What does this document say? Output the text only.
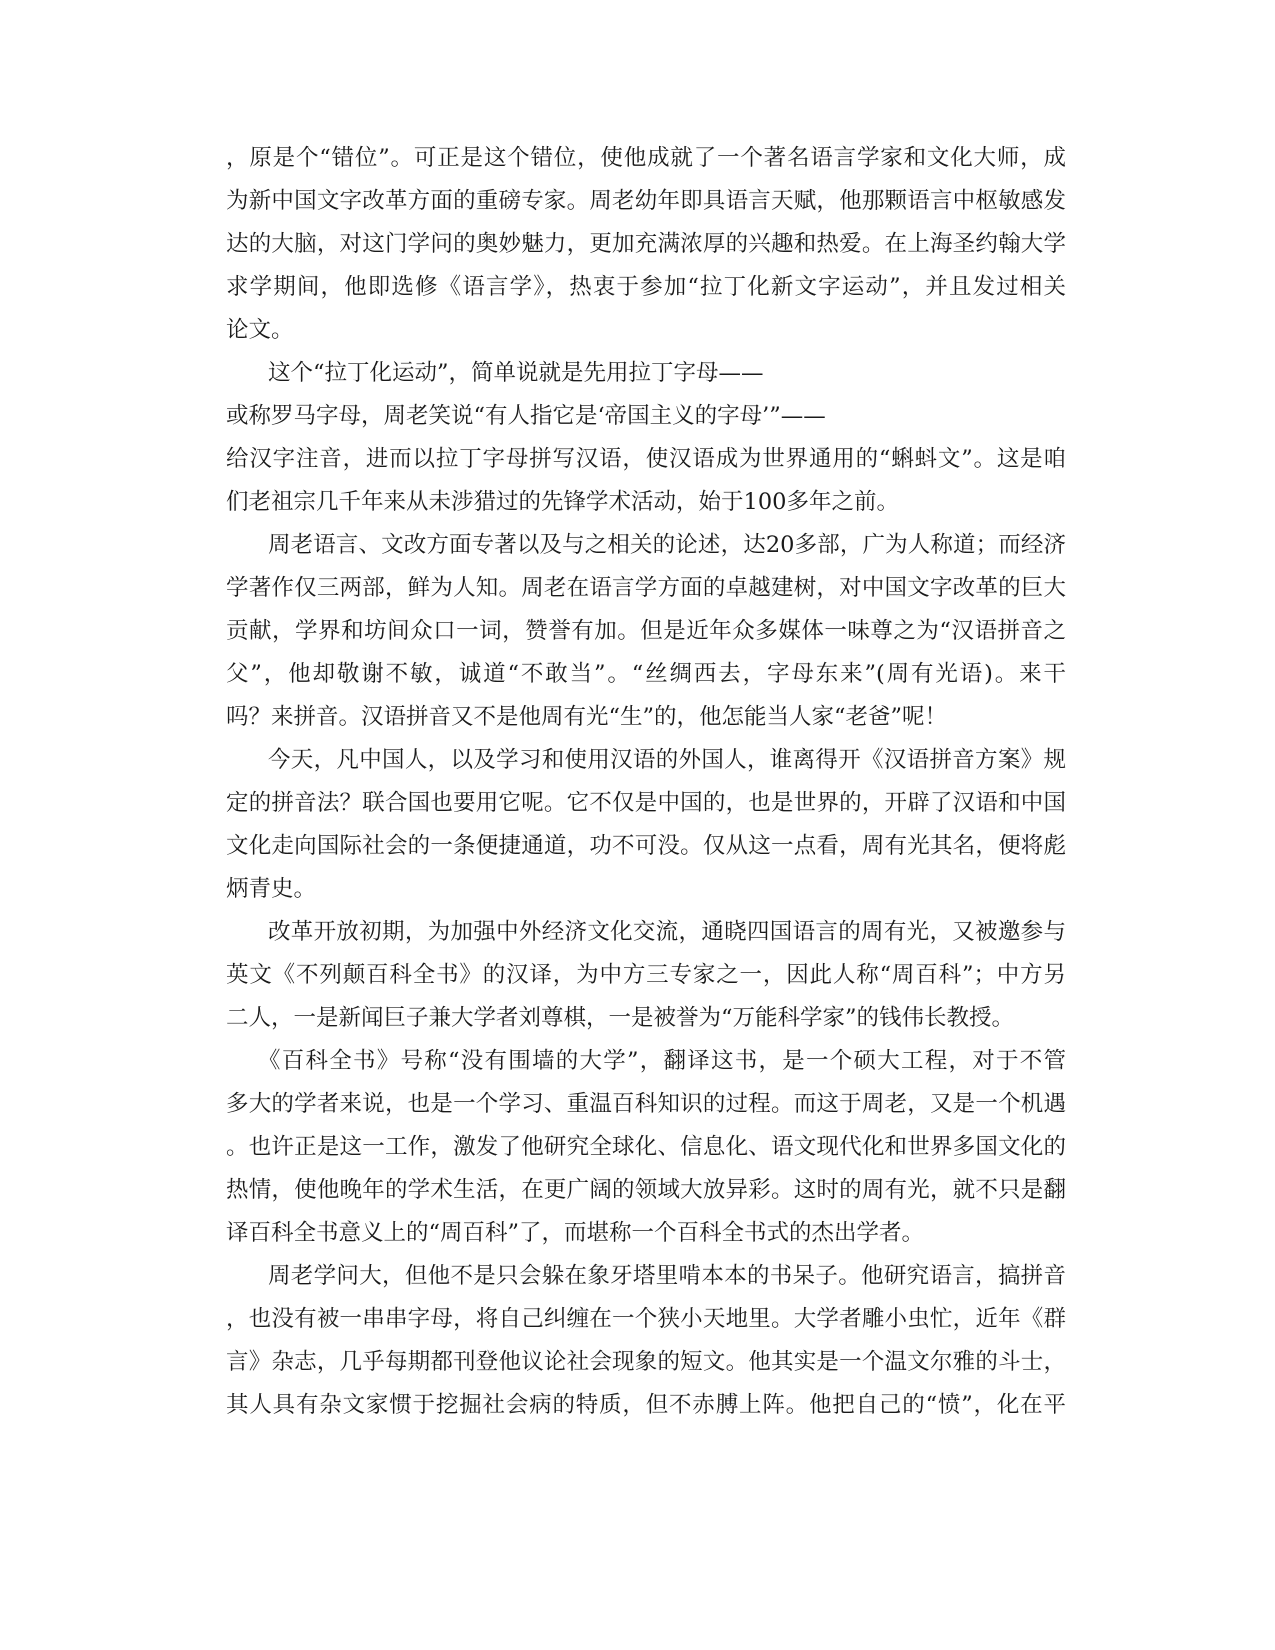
，原是个“错位”。可正是这个错位，使他成就了一个著名语言学家和文化大师，成
为新中国文字改革方面的重磅专家。周老幼年即具语言天赋，他那颗语言中枢敏感发
达的大脑，对这门学问的奥妙魅力，更加充满浓厚的兴趣和热爱。在上海圣约翰大学
求学期间，他即选修《语言学》，热衷于参加“拉丁化新文字运动”，并且发过相关
论文。
这个“拉丁化运动”，简单说就是先用拉丁字母——
或称罗马字母，周老笑说“有人指它是‘帝国主义的字母’”——
给汉字注音，进而以拉丁字母拼写汉语，使汉语成为世界通用的“蝌蚪文”。这是咱
们老祖宗几千年来从未涉猎过的先锋学术活动，始于100多年之前。
周老语言、文改方面专著以及与之相关的论述，达20多部，广为人称道；而经济
学著作仅三两部，鲜为人知。周老在语言学方面的卓越建树，对中国文字改革的巨大
贡献，学界和坊间众口一词，赞誉有加。但是近年众多媒体一味尊之为“汉语拼音之
父”，他却敬谢不敏，诚道“不敢当”。“丝绸西去，字母东来”(周有光语)。来干
吗？来拼音。汉语拼音又不是他周有光“生”的，他怎能当人家“老爸”呢！
今天，凡中国人，以及学习和使用汉语的外国人，谁离得开《汉语拼音方案》规
定的拼音法？联合国也要用它呢。它不仅是中国的，也是世界的，开辟了汉语和中国
文化走向国际社会的一条便捷通道，功不可没。仅从这一点看，周有光其名，便将彪
炳青史。
改革开放初期，为加强中外经济文化交流，通晓四国语言的周有光，又被邀参与
英文《不列颠百科全书》的汉译，为中方三专家之一，因此人称“周百科”；中方另
二人，一是新闻巨子兼大学者刘尊棋，一是被誉为“万能科学家”的钱伟长教授。
《百科全书》号称“没有围墙的大学”，翻译这书，是一个硕大工程，对于不管
多大的学者来说，也是一个学习、重温百科知识的过程。而这于周老，又是一个机遇
。也许正是这一工作，激发了他研究全球化、信息化、语文现代化和世界多国文化的
热情，使他晚年的学术生活，在更广阔的领域大放异彩。这时的周有光，就不只是翻
译百科全书意义上的“周百科”了，而堪称一个百科全书式的杰出学者。
周老学问大，但他不是只会躲在象牙塔里啃本本的书呆子。他研究语言，搞拼音
，也没有被一串串字母，将自己纠缠在一个狭小天地里。大学者雕小虫忙，近年《群
言》杂志，几乎每期都刊登他议论社会现象的短文。他其实是一个温文尔雅的斗士，
其人具有杂文家惯于挖掘社会病的特质，但不赤膊上阵。他把自己的“愤”，化在平
